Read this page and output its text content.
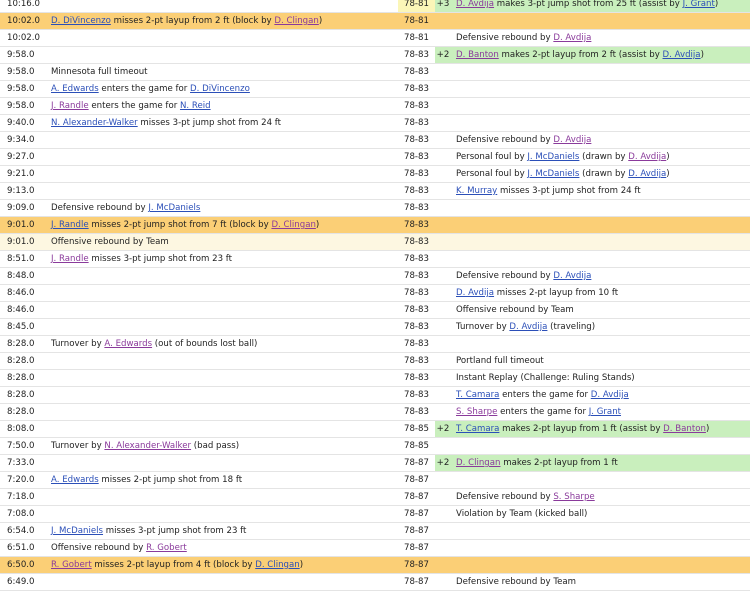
10:16.0			78-81	+3	D. Avdija makes 3-pt jump shot from 25 ft (assist by J. Grant)
10:02.0	D. DiVincenzo misses 2-pt layup from 2 ft (block by D. Clingan)		78-81		
10:02.0			78-81		Defensive rebound by D. Avdija
9:58.0			78-83	+2	D. Banton makes 2-pt layup from 2 ft (assist by D. Avdija)
9:58.0	Minnesota full timeout		78-83		
9:58.0	A. Edwards enters the game for D. DiVincenzo		78-83		
9:58.0	J. Randle enters the game for N. Reid		78-83		
9:40.0	N. Alexander-Walker misses 3-pt jump shot from 24 ft		78-83		
9:34.0			78-83		Defensive rebound by D. Avdija
9:27.0			78-83		Personal foul by J. McDaniels (drawn by D. Avdija)
9:21.0			78-83		Personal foul by J. McDaniels (drawn by D. Avdija)
9:13.0			78-83		K. Murray misses 3-pt jump shot from 24 ft
9:09.0	Defensive rebound by J. McDaniels		78-83		
9:01.0	J. Randle misses 2-pt jump shot from 7 ft (block by D. Clingan)		78-83		
9:01.0	Offensive rebound by Team		78-83		
8:51.0	J. Randle misses 3-pt jump shot from 23 ft		78-83		
8:48.0			78-83		Defensive rebound by D. Avdija
8:46.0			78-83		D. Avdija misses 2-pt layup from 10 ft
8:46.0			78-83		Offensive rebound by Team
8:45.0			78-83		Turnover by D. Avdija (traveling)
8:28.0	Turnover by A. Edwards (out of bounds lost ball)		78-83		
8:28.0			78-83		Portland full timeout
8:28.0			78-83		Instant Replay (Challenge: Ruling Stands)
8:28.0			78-83		T. Camara enters the game for D. Avdija
8:28.0			78-83		S. Sharpe enters the game for J. Grant
8:08.0			78-85	+2	T. Camara makes 2-pt layup from 1 ft (assist by D. Banton)
7:50.0	Turnover by N. Alexander-Walker (bad pass)		78-85		
7:33.0			78-87	+2	D. Clingan makes 2-pt layup from 1 ft
7:20.0	A. Edwards misses 2-pt jump shot from 18 ft		78-87		
7:18.0			78-87		Defensive rebound by S. Sharpe
7:08.0			78-87		Violation by Team (kicked ball)
6:54.0	J. McDaniels misses 3-pt jump shot from 23 ft		78-87		
6:51.0	Offensive rebound by R. Gobert		78-87		
6:50.0	R. Gobert misses 2-pt layup from 4 ft (block by D. Clingan)		78-87		
6:49.0			78-87		Defensive rebound by Team
